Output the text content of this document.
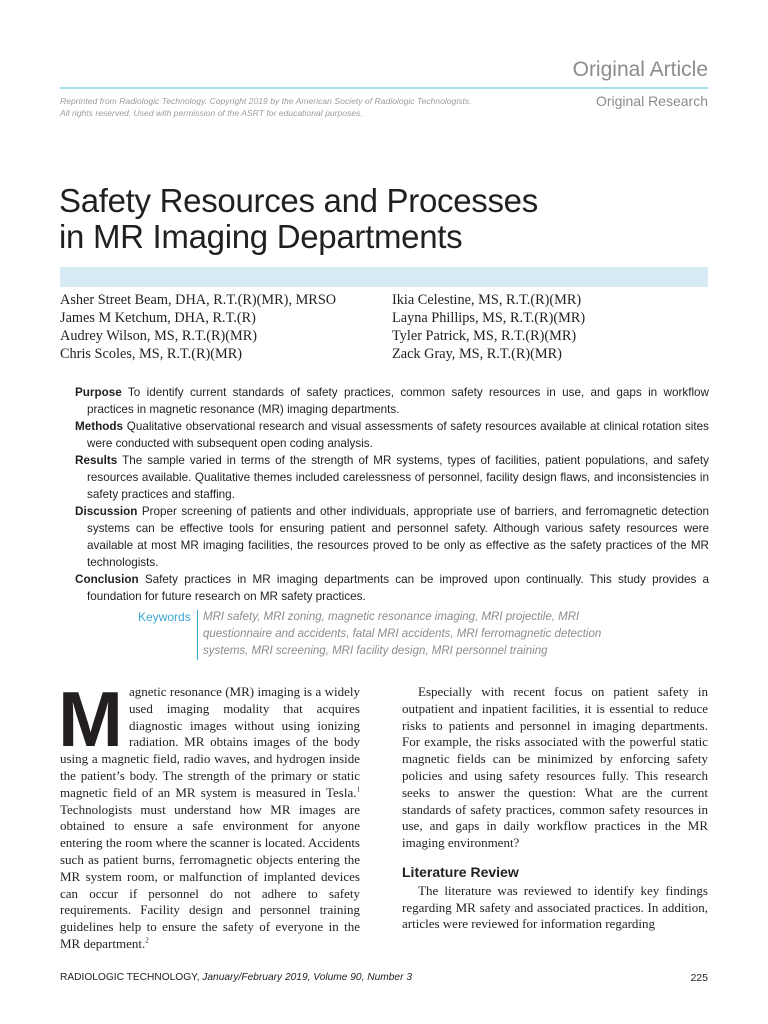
Original Article
Original Research
Reprinted from Radiologic Technology. Copyright 2019 by the American Society of Radiologic Technologists.
All rights reserved. Used with permission of the ASRT for educational purposes.
Safety Resources and Processes
in MR Imaging Departments
Asher Street Beam, DHA, R.T.(R)(MR), MRSO
James M Ketchum, DHA, R.T.(R)
Audrey Wilson, MS, R.T.(R)(MR)
Chris Scoles, MS, R.T.(R)(MR)
Ikia Celestine, MS, R.T.(R)(MR)
Layna Phillips, MS, R.T.(R)(MR)
Tyler Patrick, MS, R.T.(R)(MR)
Zack Gray, MS, R.T.(R)(MR)

Purpose To identify current standards of safety practices, common safety resources in use, and gaps in workflow practices in magnetic resonance (MR) imaging departments.

Methods Qualitative observational research and visual assessments of safety resources available at clinical rotation sites were conducted with subsequent open coding analysis.

Results The sample varied in terms of the strength of MR systems, types of facilities, patient populations, and safety resources available. Qualitative themes included carelessness of personnel, facility design flaws, and inconsistencies in safety practices and staffing.

Discussion Proper screening of patients and other individuals, appropriate use of barriers, and ferromagnetic detection systems can be effective tools for ensuring patient and personnel safety. Although various safety resources were available at most MR imaging facilities, the resources proved to be only as effective as the safety practices of the MR technologists.

Conclusion Safety practices in MR imaging departments can be improved upon continually. This study provides a foundation for future research on MR safety practices.

Keywords MRI safety, MRI zoning, magnetic resonance imaging, MRI projectile, MRI questionnaire and accidents, fatal MRI accidents, MRI ferromagnetic detection systems, MRI screening, MRI facility design, MRI personnel training

Magnetic resonance (MR) imaging is a widely used imaging modality that acquires diagnostic images without using ionizing radiation. MR obtains images of the body using a magnetic field, radio waves, and hydrogen inside the patient’s body. The strength of the primary or static magnetic field of an MR system is measured in Tesla.$^1$ Technologists must understand how MR images are obtained to ensure a safe environment for anyone entering the room where the scanner is located. Accidents such as patient burns, ferromagnetic objects entering the MR system room, or malfunction of implanted devices can occur if personnel do not adhere to safety requirements. Facility design and personnel training guidelines help to ensure the safety of everyone in the MR department.$^2$

Especially with recent focus on patient safety in outpatient and inpatient facilities, it is essential to reduce risks to patients and personnel in imaging departments. For example, the risks associated with the powerful static magnetic fields can be minimized by enforcing safety policies and using safety resources fully. This research seeks to answer the question: What are the current standards of safety practices, common safety resources in use, and gaps in daily workflow practices in the MR imaging environment?

Literature Review

The literature was reviewed to identify key findings regarding MR safety and associated practices. In addition, articles were reviewed for information regarding

RADIOLOGIC TECHNOLOGY, January/February 2019, Volume 90, Number 3	225
